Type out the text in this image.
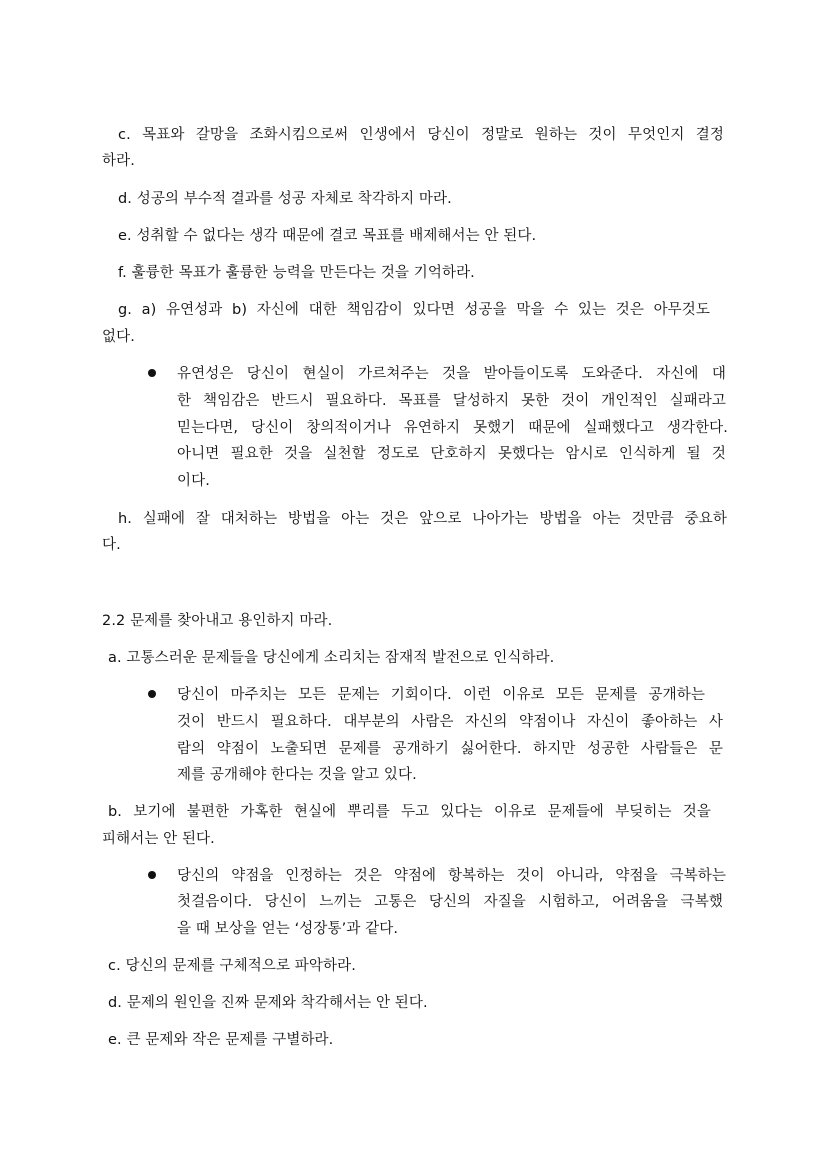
c. 목표와 갈망을 조화시킴으로써 인생에서 당신이 정말로 원하는 것이 무엇인지 결정
하라.
d. 성공의 부수적 결과를 성공 자체로 착각하지 마라.
e. 성취할 수 없다는 생각 때문에 결코 목표를 배제해서는 안 된다.
f. 훌륭한 목표가 훌륭한 능력을 만든다는 것을 기억하라.
g. a) 유연성과 b) 자신에 대한 책임감이 있다면 성공을 막을 수 있는 것은 아무것도
없다.
유연성은 당신이 현실이 가르쳐주는 것을 받아들이도록 도와준다. 자신에 대
한 책임감은 반드시 필요하다. 목표를 달성하지 못한 것이 개인적인 실패라고
믿는다면, 당신이 창의적이거나 유연하지 못했기 때문에 실패했다고 생각한다.
아니면 필요한 것을 실천할 정도로 단호하지 못했다는 암시로 인식하게 될 것
이다.
h. 실패에 잘 대처하는 방법을 아는 것은 앞으로 나아가는 방법을 아는 것만큼 중요하
다.
2.2 문제를 찾아내고 용인하지 마라.
a. 고통스러운 문제들을 당신에게 소리치는 잠재적 발전으로 인식하라.
당신이 마주치는 모든 문제는 기회이다. 이런 이유로 모든 문제를 공개하는
것이 반드시 필요하다. 대부분의 사람은 자신의 약점이나 자신이 좋아하는 사
람의 약점이 노출되면 문제를 공개하기 싫어한다. 하지만 성공한 사람들은 문
제를 공개해야 한다는 것을 알고 있다.
b. 보기에 불편한 가혹한 현실에 뿌리를 두고 있다는 이유로 문제들에 부딪히는 것을
피해서는 안 된다.
당신의 약점을 인정하는 것은 약점에 항복하는 것이 아니라, 약점을 극복하는
첫걸음이다. 당신이 느끼는 고통은 당신의 자질을 시험하고, 어려움을 극복했
을 때 보상을 얻는 ‘성장통’과 같다.
c. 당신의 문제를 구체적으로 파악하라.
d. 문제의 원인을 진짜 문제와 착각해서는 안 된다.
e. 큰 문제와 작은 문제를 구별하라.
